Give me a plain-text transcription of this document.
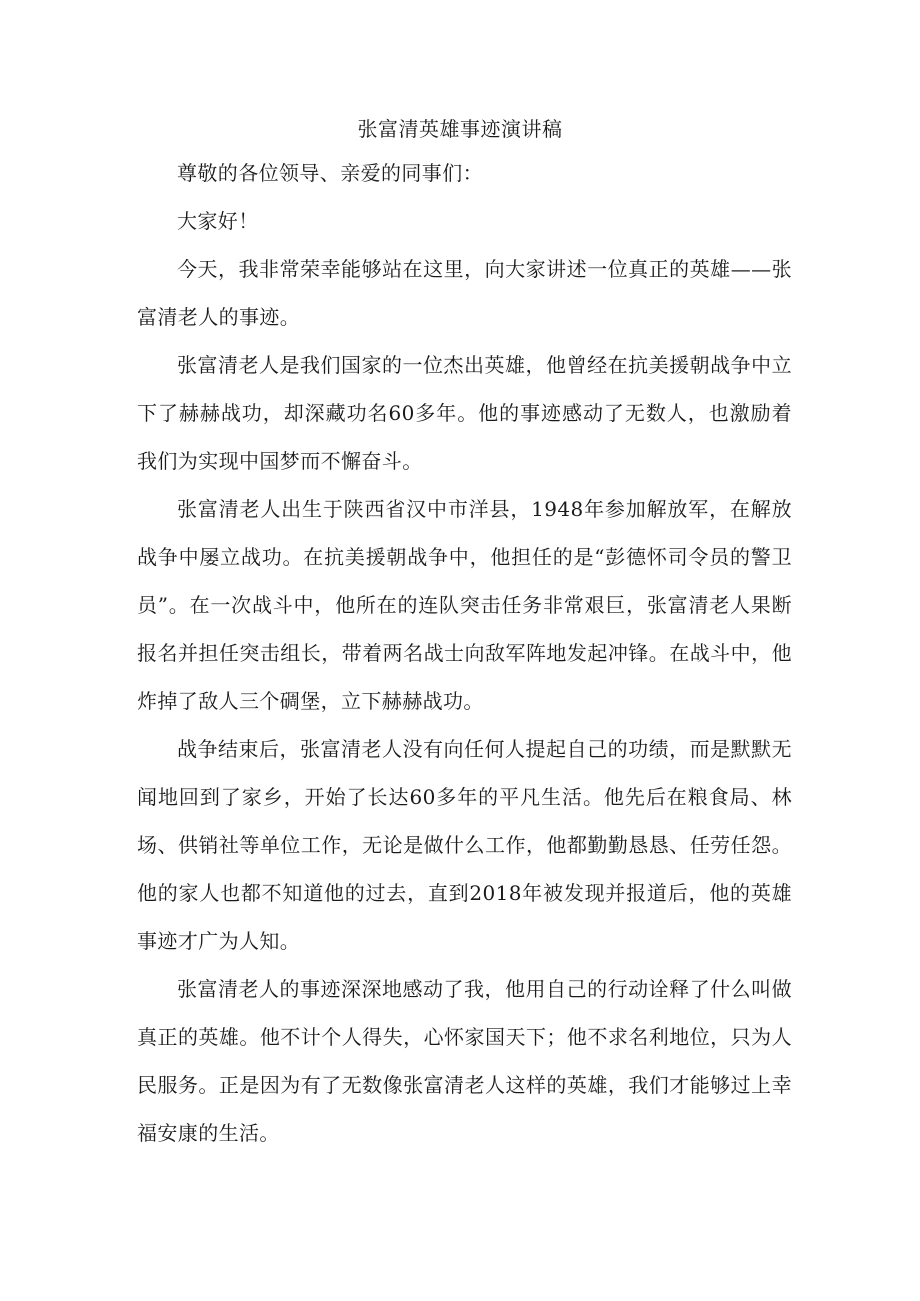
张富清英雄事迹演讲稿

尊敬的各位领导、亲爱的同事们：

大家好！

今天，我非常荣幸能够站在这里，向大家讲述一位真正的英雄——张富清老人的事迹。

张富清老人是我们国家的一位杰出英雄，他曾经在抗美援朝战争中立下了赫赫战功，却深藏功名60多年。他的事迹感动了无数人，也激励着我们为实现中国梦而不懈奋斗。

张富清老人出生于陕西省汉中市洋县，1948年参加解放军，在解放战争中屡立战功。在抗美援朝战争中，他担任的是“彭德怀司令员的警卫员”。在一次战斗中，他所在的连队突击任务非常艰巨，张富清老人果断报名并担任突击组长，带着两名战士向敌军阵地发起冲锋。在战斗中，他炸掉了敌人三个碉堡，立下赫赫战功。

战争结束后，张富清老人没有向任何人提起自己的功绩，而是默默无闻地回到了家乡，开始了长达60多年的平凡生活。他先后在粮食局、林场、供销社等单位工作，无论是做什么工作，他都勤勤恳恳、任劳任怨。他的家人也都不知道他的过去，直到2018年被发现并报道后，他的英雄事迹才广为人知。

张富清老人的事迹深深地感动了我，他用自己的行动诠释了什么叫做真正的英雄。他不计个人得失，心怀家国天下；他不求名利地位，只为人民服务。正是因为有了无数像张富清老人这样的英雄，我们才能够过上幸福安康的生活。
